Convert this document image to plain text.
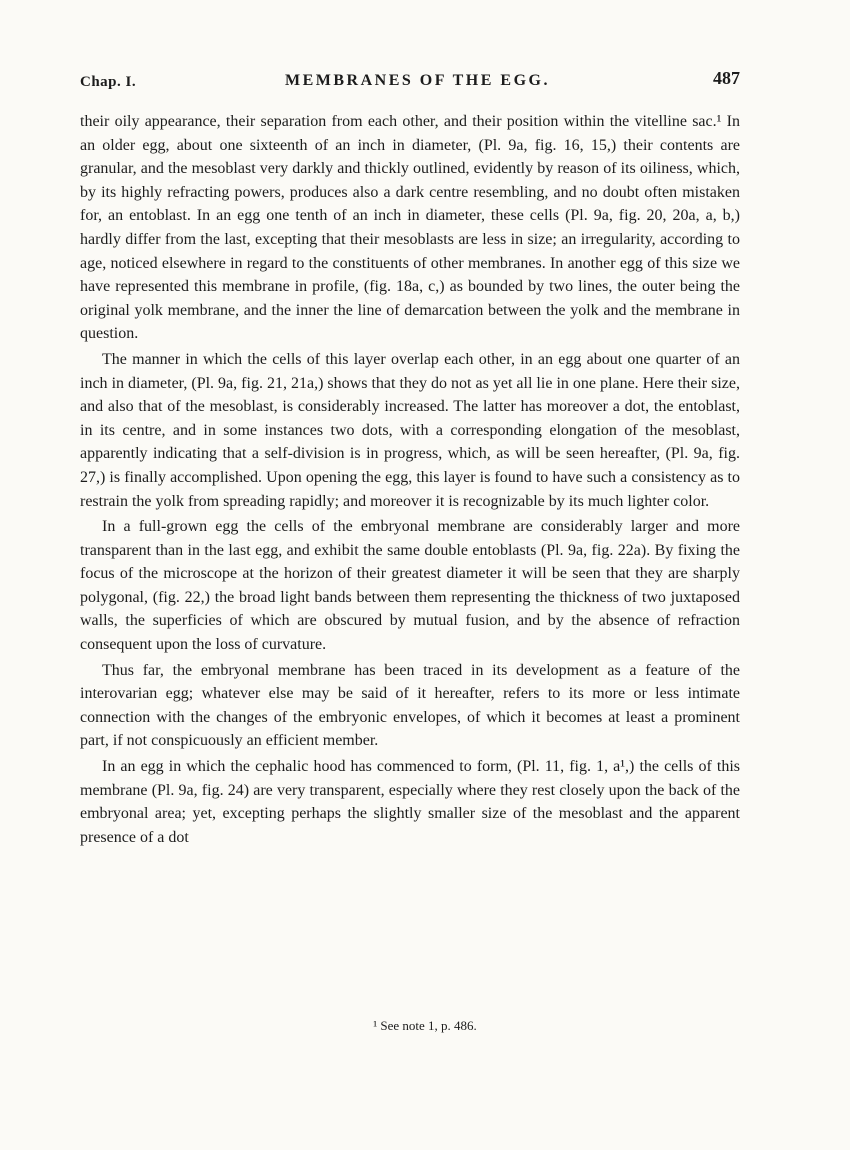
Chap. I.	MEMBRANES OF THE EGG.	487

their oily appearance, their separation from each other, and their position within the vitelline sac.¹ In an older egg, about one sixteenth of an inch in diameter, (Pl. 9a, fig. 16, 15,) their contents are granular, and the mesoblast very darkly and thickly outlined, evidently by reason of its oiliness, which, by its highly refracting powers, produces also a dark centre resembling, and no doubt often mistaken for, an entoblast. In an egg one tenth of an inch in diameter, these cells (Pl. 9a, fig. 20, 20a, a, b,) hardly differ from the last, excepting that their mesoblasts are less in size; an irregularity, according to age, noticed elsewhere in regard to the constituents of other membranes. In another egg of this size we have represented this membrane in profile, (fig. 18a, c,) as bounded by two lines, the outer being the original yolk membrane, and the inner the line of demarcation between the yolk and the membrane in question.

The manner in which the cells of this layer overlap each other, in an egg about one quarter of an inch in diameter, (Pl. 9a, fig. 21, 21a,) shows that they do not as yet all lie in one plane. Here their size, and also that of the mesoblast, is considerably increased. The latter has moreover a dot, the entoblast, in its centre, and in some instances two dots, with a corresponding elongation of the mesoblast, apparently indicating that a self-division is in progress, which, as will be seen hereafter, (Pl. 9a, fig. 27,) is finally accomplished. Upon opening the egg, this layer is found to have such a consistency as to restrain the yolk from spreading rapidly; and moreover it is recognizable by its much lighter color.

In a full-grown egg the cells of the embryonal membrane are considerably larger and more transparent than in the last egg, and exhibit the same double entoblasts (Pl. 9a, fig. 22a). By fixing the focus of the microscope at the horizon of their greatest diameter it will be seen that they are sharply polygonal, (fig. 22,) the broad light bands between them representing the thickness of two juxtaposed walls, the superficies of which are obscured by mutual fusion, and by the absence of refraction consequent upon the loss of curvature.

Thus far, the embryonal membrane has been traced in its development as a feature of the interovarian egg; whatever else may be said of it hereafter, refers to its more or less intimate connection with the changes of the embryonic envelopes, of which it becomes at least a prominent part, if not conspicuously an efficient member.

In an egg in which the cephalic hood has commenced to form, (Pl. 11, fig. 1, a¹,) the cells of this membrane (Pl. 9a, fig. 24) are very transparent, especially where they rest closely upon the back of the embryonal area; yet, excepting perhaps the slightly smaller size of the mesoblast and the apparent presence of a dot

¹ See note 1, p. 486.
